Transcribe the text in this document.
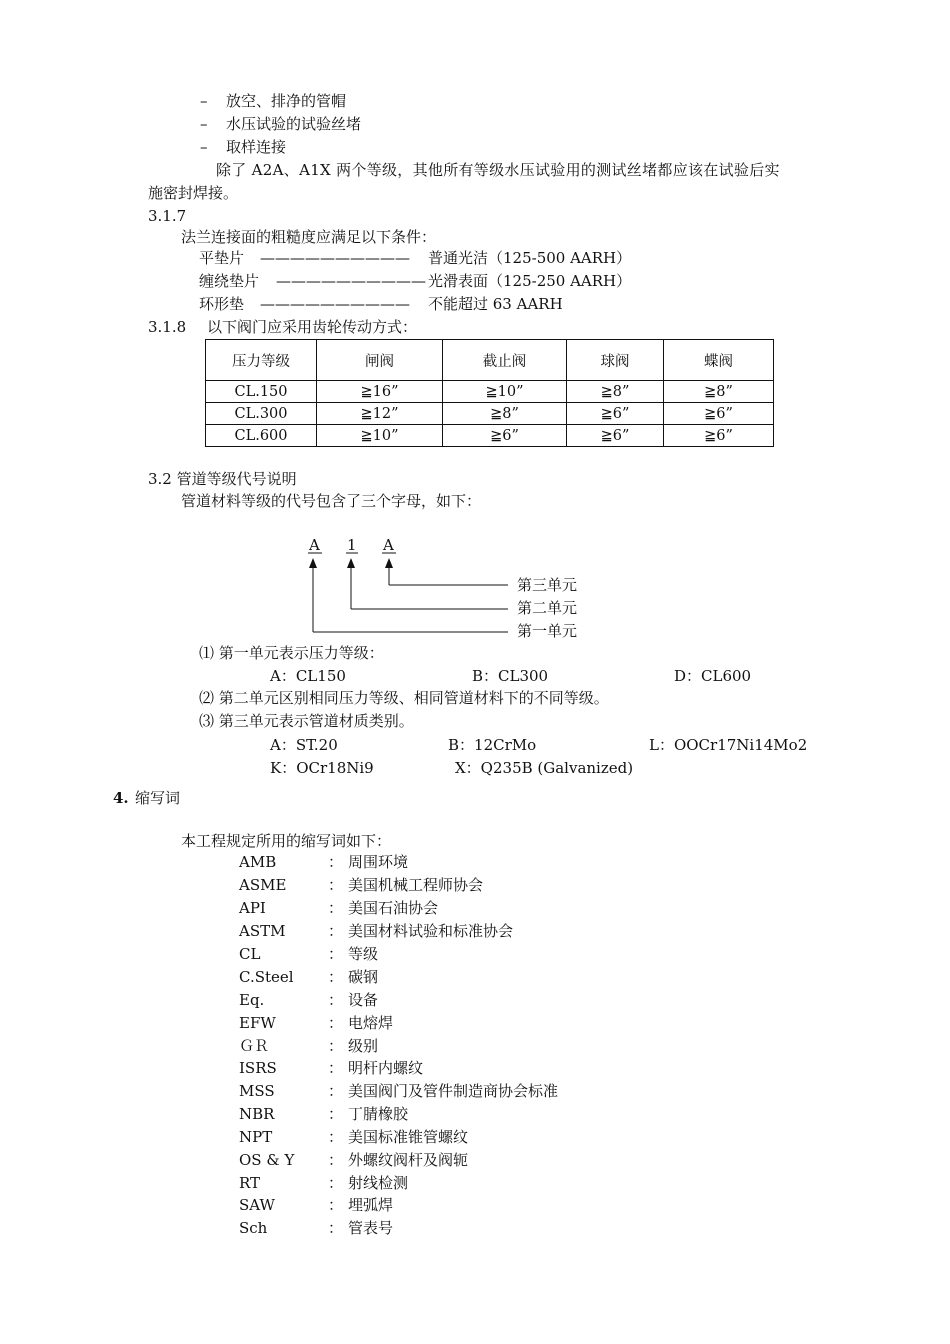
– 放空、排净的管帽
– 水压试验的试验丝堵
– 取样连接
除了 A2A、A1X 两个等级，其他所有等级水压试验用的测试丝堵都应该在试验后实
施密封焊接。
3.1.7
法兰连接面的粗糙度应满足以下条件：
平垫片 —————————— 普通光洁（125-500 AARH）
缠绕垫片 —————————— 光滑表面（125-250 AARH）
环形垫 —————————— 不能超过 63 AARH
3.1.8 以下阀门应采用齿轮传动方式：
压力等级	闸阀	截止阀	球阀	蝶阀
CL.150	≧16”	≧10”	≧8”	≧8”
CL.300	≧12”	≧8”	≧6”	≧6”
CL.600	≧10”	≧6”	≧6”	≧6”
3.2 管道等级代号说明
管道材料等级的代号包含了三个字母，如下：
A 1 A
第三单元
第二单元
第一单元
⑴ 第一单元表示压力等级：
A：CL150	B：CL300	D：CL600
⑵ 第二单元区别相同压力等级、相同管道材料下的不同等级。
⑶ 第三单元表示管道材质类别。
A：ST.20	B：12CrMo	L：OOCr17Ni14Mo2
K：OCr18Ni9	X：Q235B (Galvanized)
4. 缩写词
本工程规定所用的缩写词如下：
AMB	： 周围环境
ASME	： 美国机械工程师协会
API	： 美国石油协会
ASTM	： 美国材料试验和标准协会
CL	： 等级
C.Steel ： 碳钢
Eq.	： 设备
EFW	： 电熔焊
ＧＲ	： 级别
ISRS	： 明杆内螺纹
MSS	： 美国阀门及管件制造商协会标准
NBR	： 丁腈橡胶
NPT	： 美国标准锥管螺纹
OS & Y ： 外螺纹阀杆及阀轭
RT	： 射线检测
SAW	： 埋弧焊
Sch	： 管表号
